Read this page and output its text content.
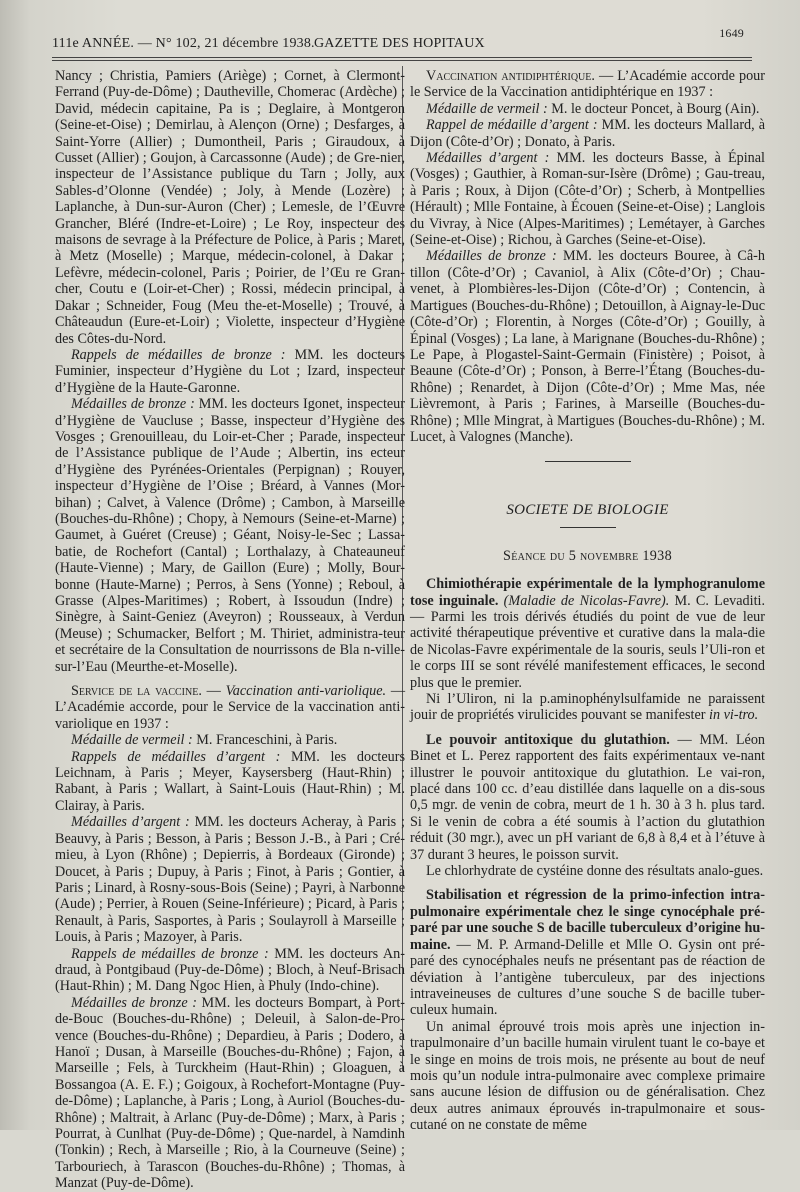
111e ANNÉE. — N° 102, 21 décembre 1938. GAZETTE DES HOPITAUX
1649

Nancy ; Christia, Pamiers (Ariège) ; Cornet, à Clermont-Ferrand (Puy-de-Dôme) ; Dautheville, Chomerac (Ardèche) ; David, médecin capitaine, Pa is ; Deglaire, à Montgeron (Seine-et-Oise) ; Demirlau, à Alençon (Orne) ; Desfarges, à Saint-Yorre (Allier) ; Dumontheil, Paris ; Giraudoux, à Cusset (Allier) ; Goujon, à Carcassonne (Aude) ; de Gre-nier, inspecteur de l’Assistance publique du Tarn ; Jolly, aux Sables-d’Olonne (Vendée) ; Joly, à Mende (Lozère) ; Laplanche, à Dun-sur-Auron (Cher) ; Lemesle, de l’Œuvre Grancher, Bléré (Indre-et-Loire) ; Le Roy, inspecteur des maisons de sevrage à la Préfecture de Police, à Paris ; Maret, à Metz (Moselle) ; Marque, médecin-colonel, à Dakar ; Lefèvre, médecin-colonel, Paris ; Poirier, de l’Œu re Gran-cher, Coutu e (Loir-et-Cher) ; Rossi, médecin principal, à Dakar ; Schneider, Foug (Meu the-et-Moselle) ; Trouvé, à Châteaudun (Eure-et-Loir) ; Violette, inspecteur d’Hygiène des Côtes-du-Nord.

Rappels de médailles de bronze : MM. les docteurs Fuminier, inspecteur d’Hygiène du Lot ; Izard, inspecteur d’Hygiène de la Haute-Garonne.

Médailles de bronze : MM. les docteurs Igonet, inspecteur d’Hygiène de Vaucluse ; Basse, inspecteur d’Hygiène des Vosges ; Grenouilleau, du Loir-et-Cher ; Parade, inspecteur de l’Assistance publique de l’Aude ; Albertin, ins ecteur d’Hygiène des Pyrénées-Orientales (Perpignan) ; Rouyer, inspecteur d’Hygiène de l’Oise ; Bréard, à Vannes (Mor-bihan) ; Calvet, à Valence (Drôme) ; Cambon, à Marseille (Bouches-du-Rhône) ; Chopy, à Nemours (Seine-et-Marne) ; Gaumet, à Guéret (Creuse) ; Géant, Noisy-le-Sec ; Lassa-batie, de Rochefort (Cantal) ; Lorthalazy, à Chateauneuf (Haute-Vienne) ; Mary, de Gaillon (Eure) ; Molly, Bour-bonne (Haute-Marne) ; Perros, à Sens (Yonne) ; Reboul, à Grasse (Alpes-Maritimes) ; Robert, à Issoudun (Indre) ; Sinègre, à Saint-Geniez (Aveyron) ; Rousseaux, à Verdun (Meuse) ; Schumacker, Belfort ; M. Thiriet, administra-teur et secrétaire de la Consultation de nourrissons de Bla n-ville-sur-l’Eau (Meurthe-et-Moselle).

Service de la vaccine. — Vaccination anti-variolique. — L’Académie accorde, pour le Service de la vaccination anti-variolique en 1937 :

Médaille de vermeil : M. Franceschini, à Paris.

Rappels de médailles d’argent : MM. les docteurs Leichnam, à Paris ; Meyer, Kaysersberg (Haut-Rhin) ; Rabant, à Paris ; Wallart, à Saint-Louis (Haut-Rhin) ; M. Clairay, à Paris.

Médailles d’argent : MM. les docteurs Acheray, à Paris ; Beauvy, à Paris ; Besson, à Paris ; Besson J.-B., à Pari ; Cré-mieu, à Lyon (Rhône) ; Depierris, à Bordeaux (Gironde) ; Doucet, à Paris ; Dupuy, à Paris ; Finot, à Paris ; Gontier, à Paris ; Linard, à Rosny-sous-Bois (Seine) ; Payri, à Narbonne (Aude) ; Perrier, à Rouen (Seine-Inférieure) ; Picard, à Paris ; Renault, à Paris, Sasportes, à Paris ; Soulayroll à Marseille ; Louis, à Paris ; Mazoyer, à Paris.

Rappels de médailles de bronze : MM. les docteurs An-draud, à Pontgibaud (Puy-de-Dôme) ; Bloch, à Neuf-Brisach (Haut-Rhin) ; M. Dang Ngoc Hien, à Phuly (Indo-chine).

Médailles de bronze : MM. les docteurs Bompart, à Port-de-Bouc (Bouches-du-Rhône) ; Deleuil, à Salon-de-Pro-vence (Bouches-du-Rhône) ; Depardieu, à Paris ; Dodero, à Hanoï ; Dusan, à Marseille (Bouches-du-Rhône) ; Fajon, à Marseille ; Fels, à Turckheim (Haut-Rhin) ; Gloaguen, à Bossangoa (A. E. F.) ; Goigoux, à Rochefort-Montagne (Puy-de-Dôme) ; Laplanche, à Paris ; Long, à Auriol (Bouches-du-Rhône) ; Maltrait, à Arlanc (Puy-de-Dôme) ; Marx, à Paris ; Pourrat, à Cunlhat (Puy-de-Dôme) ; Que-nardel, à Namdinh (Tonkin) ; Rech, à Marseille ; Rio, à la Courneuve (Seine) ; Tarbouriech, à Tarascon (Bouches-du-Rhône) ; Thomas, à Manzat (Puy-de-Dôme).

Vaccination antidiphtérique. — L’Académie accorde pour le Service de la Vaccination antidiphtérique en 1937 :

Médaille de vermeil : M. le docteur Poncet, à Bourg (Ain).

Rappel de médaille d’argent : MM. les docteurs Mallard, à Dijon (Côte-d’Or) ; Donato, à Paris.

Médailles d’argent : MM. les docteurs Basse, à Épinal (Vosges) ; Gauthier, à Roman-sur-Isère (Drôme) ; Gau-treau, à Paris ; Roux, à Dijon (Côte-d’Or) ; Scherb, à Montpellies (Hérault) ; Mlle Fontaine, à Écouen (Seine-et-Oise) ; Langlois du Vivray, à Nice (Alpes-Maritimes) ; Lemétayer, à Garches (Seine-et-Oise) ; Richou, à Garches (Seine-et-Oise).

Médailles de bronze : MM. les docteurs Bouree, à Câ-h tillon (Côte-d’Or) ; Cavaniol, à Alix (Côte-d’Or) ; Chau-venet, à Plombières-les-Dijon (Côte-d’Or) ; Contencin, à Martigues (Bouches-du-Rhône) ; Detouillon, à Aignay-le-Duc (Côte-d’Or) ; Florentin, à Norges (Côte-d’Or) ; Gouilly, à Épinal (Vosges) ; La lane, à Marignane (Bouches-du-Rhône) ; Le Pape, à Plogastel-Saint-Germain (Finistère) ; Poisot, à Beaune (Côte-d’Or) ; Ponson, à Berre-l’Étang (Bouches-du-Rhône) ; Renardet, à Dijon (Côte-d’Or) ; Mme Mas, née Lièvremont, à Paris ; Farines, à Marseille (Bouches-du-Rhône) ; Mlle Mingrat, à Martigues (Bouches-du-Rhône) ; M. Lucet, à Valognes (Manche).

SOCIETE DE BIOLOGIE

Séance du 5 novembre 1938

Chimiothérapie expérimentale de la lymphogranulome tose inguinale. (Maladie de Nicolas-Favre). M. C. Levaditi. — Parmi les trois dérivés étudiés du point de vue de leur activité thérapeutique préventive et curative dans la mala-die de Nicolas-Favre expérimentale de la souris, seuls l’Uli-ron et le corps III se sont révélé manifestement efficaces, le second plus que le premier.

Ni l’Uliron, ni la p.aminophénylsulfamide ne paraissent jouir de propriétés virulicides pouvant se manifester in vi-tro.

Le pouvoir antitoxique du glutathion. — MM. Léon Binet et L. Perez rapportent des faits expérimentaux ve-nant illustrer le pouvoir antitoxique du glutathion. Le vai-ron, placé dans 100 cc. d’eau distillée dans laquelle on a dis-sous 0,5 mgr. de venin de cobra, meurt de 1 h. 30 à 3 h. plus tard. Si le venin de cobra a été soumis à l’action du glutathion réduit (30 mgr.), avec un pH variant de 6,8 à 8,4 et à l’étuve à 37 durant 3 heures, le poisson survit.

Le chlorhydrate de cystéine donne des résultats analo-gues.

Stabilisation et régression de la primo-infection intra-pulmonaire expérimentale chez le singe cynocéphale pré-paré par une souche S de bacille tuberculeux d’origine hu-maine. — M. P. Armand-Delille et Mlle O. Gysin ont pré-paré des cynocéphales neufs ne présentant pas de réaction de déviation à l’antigène tuberculeux, par des injections intraveineuses de cultures d’une souche S de bacille tuber-culeux humain.

Un animal éprouvé trois mois après une injection in-trapulmonaire d’un bacille humain virulent tuant le co-baye et le singe en moins de trois mois, ne présente au bout de neuf mois qu’un nodule intra-pulmonaire avec complexe primaire sans aucune lésion de diffusion ou de généralisation. Chez deux autres animaux éprouvés in-trapulmonaire et sous-cutané on ne constate de même
